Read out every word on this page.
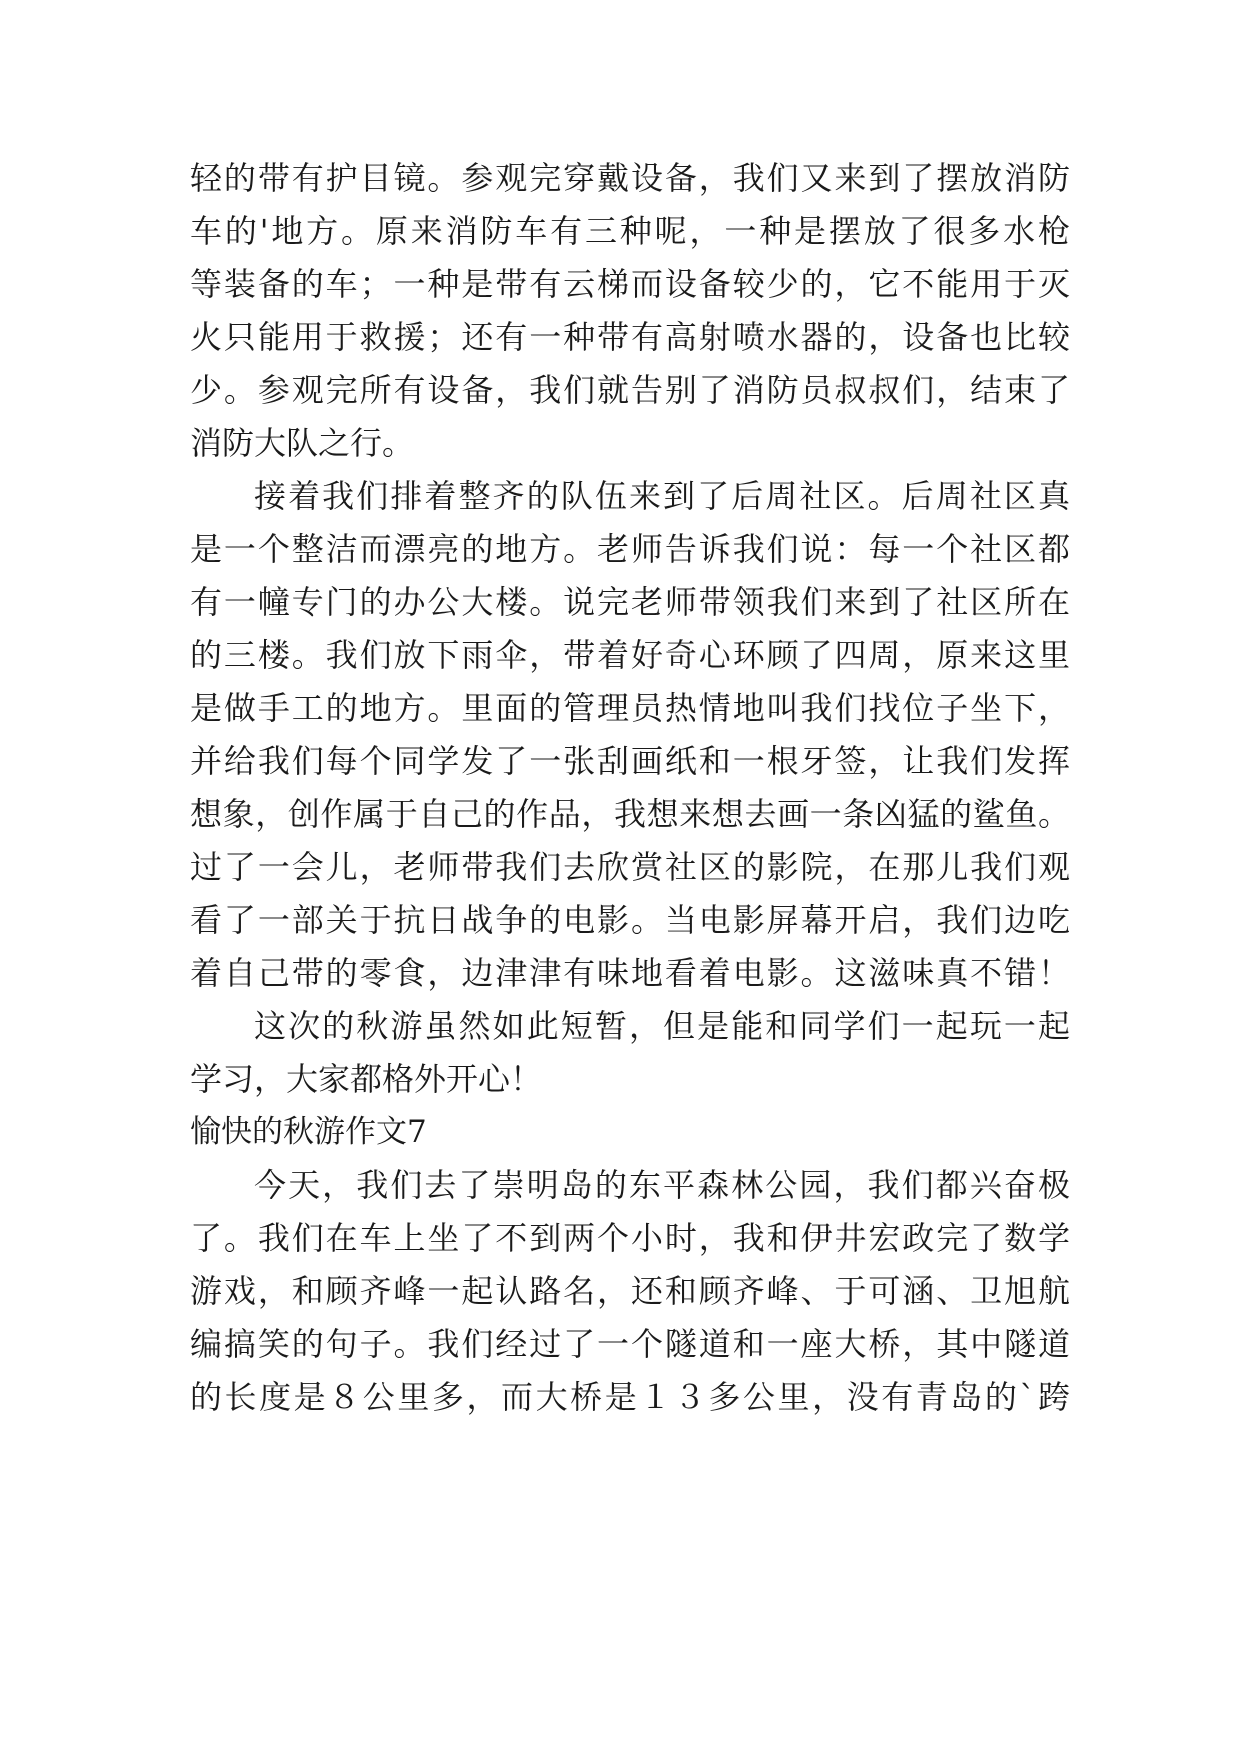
轻的带有护目镜。参观完穿戴设备，我们又来到了摆放消防
车的'地方。原来消防车有三种呢，一种是摆放了很多水枪
等装备的车；一种是带有云梯而设备较少的，它不能用于灭
火只能用于救援；还有一种带有高射喷水器的，设备也比较
少。参观完所有设备，我们就告别了消防员叔叔们，结束了
消防大队之行。
接着我们排着整齐的队伍来到了后周社区。后周社区真
是一个整洁而漂亮的地方。老师告诉我们说：每一个社区都
有一幢专门的办公大楼。说完老师带领我们来到了社区所在
的三楼。我们放下雨伞，带着好奇心环顾了四周，原来这里
是做手工的地方。里面的管理员热情地叫我们找位子坐下，
并给我们每个同学发了一张刮画纸和一根牙签，让我们发挥
想象，创作属于自己的作品，我想来想去画一条凶猛的鲨鱼。
过了一会儿，老师带我们去欣赏社区的影院，在那儿我们观
看了一部关于抗日战争的电影。当电影屏幕开启，我们边吃
着自己带的零食，边津津有味地看着电影。这滋味真不错！
这次的秋游虽然如此短暂，但是能和同学们一起玩一起
学习，大家都格外开心！
愉快的秋游作文7
今天，我们去了崇明岛的东平森林公园，我们都兴奋极
了。我们在车上坐了不到两个小时，我和伊井宏政完了数学
游戏，和顾齐峰一起认路名，还和顾齐峰、于可涵、卫旭航
编搞笑的句子。我们经过了一个隧道和一座大桥，其中隧道
的长度是８公里多，而大桥是１３多公里，没有青岛的`跨
